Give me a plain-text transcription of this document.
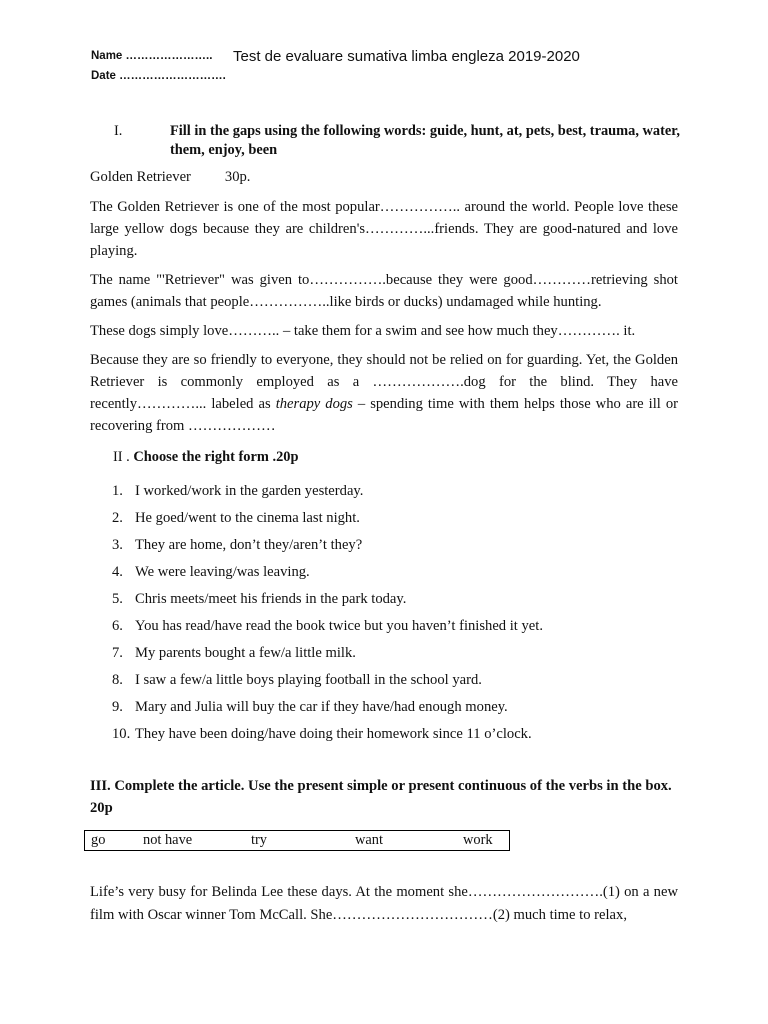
Name …………………..
Date ……………………….
Test de evaluare sumativa limba engleza 2019-2020
I.	Fill in the gaps using the following words: guide, hunt, at, pets, best, trauma, water, them, enjoy, been
Golden Retriever 30p.
The Golden Retriever is one of the most popular…………….. around the world. People love these large yellow dogs because they are children's…………...friends. They are good-natured and love playing.
The name "'Retriever" was given to…………….because they were good…………retrieving shot games (animals that people……………..like birds or ducks) undamaged while hunting.
These dogs simply love……….. – take them for a swim and see how much they…………. it.
Because they are so friendly to everyone, they should not be relied on for guarding. Yet, the Golden Retriever is commonly employed as a ……………….dog for the blind. They have recently…………... labeled as therapy dogs – spending time with them helps those who are ill or recovering from ………………
II . Choose the right form .20p
1. I worked/work in the garden yesterday.
2. He goed/went to the cinema last night.
3. They are home, don’t they/aren’t they?
4. We were leaving/was leaving.
5. Chris meets/meet his friends in the park today.
6. You has read/have read the book twice but you haven’t finished it yet.
7. My parents bought a few/a little milk.
8. I saw a few/a little boys playing football in the school yard.
9. Mary and Julia will buy the car if they have/had enough money.
10. They have been doing/have doing their homework since 11 o’clock.
III. Complete the article. Use the present simple or present continuous of the verbs in the box. 20p
go	not have	try	want	work
Life’s very busy for Belinda Lee these days. At the moment she……………………….(1) on a new film with Oscar winner Tom McCall. She……………………………(2) much time to relax,
